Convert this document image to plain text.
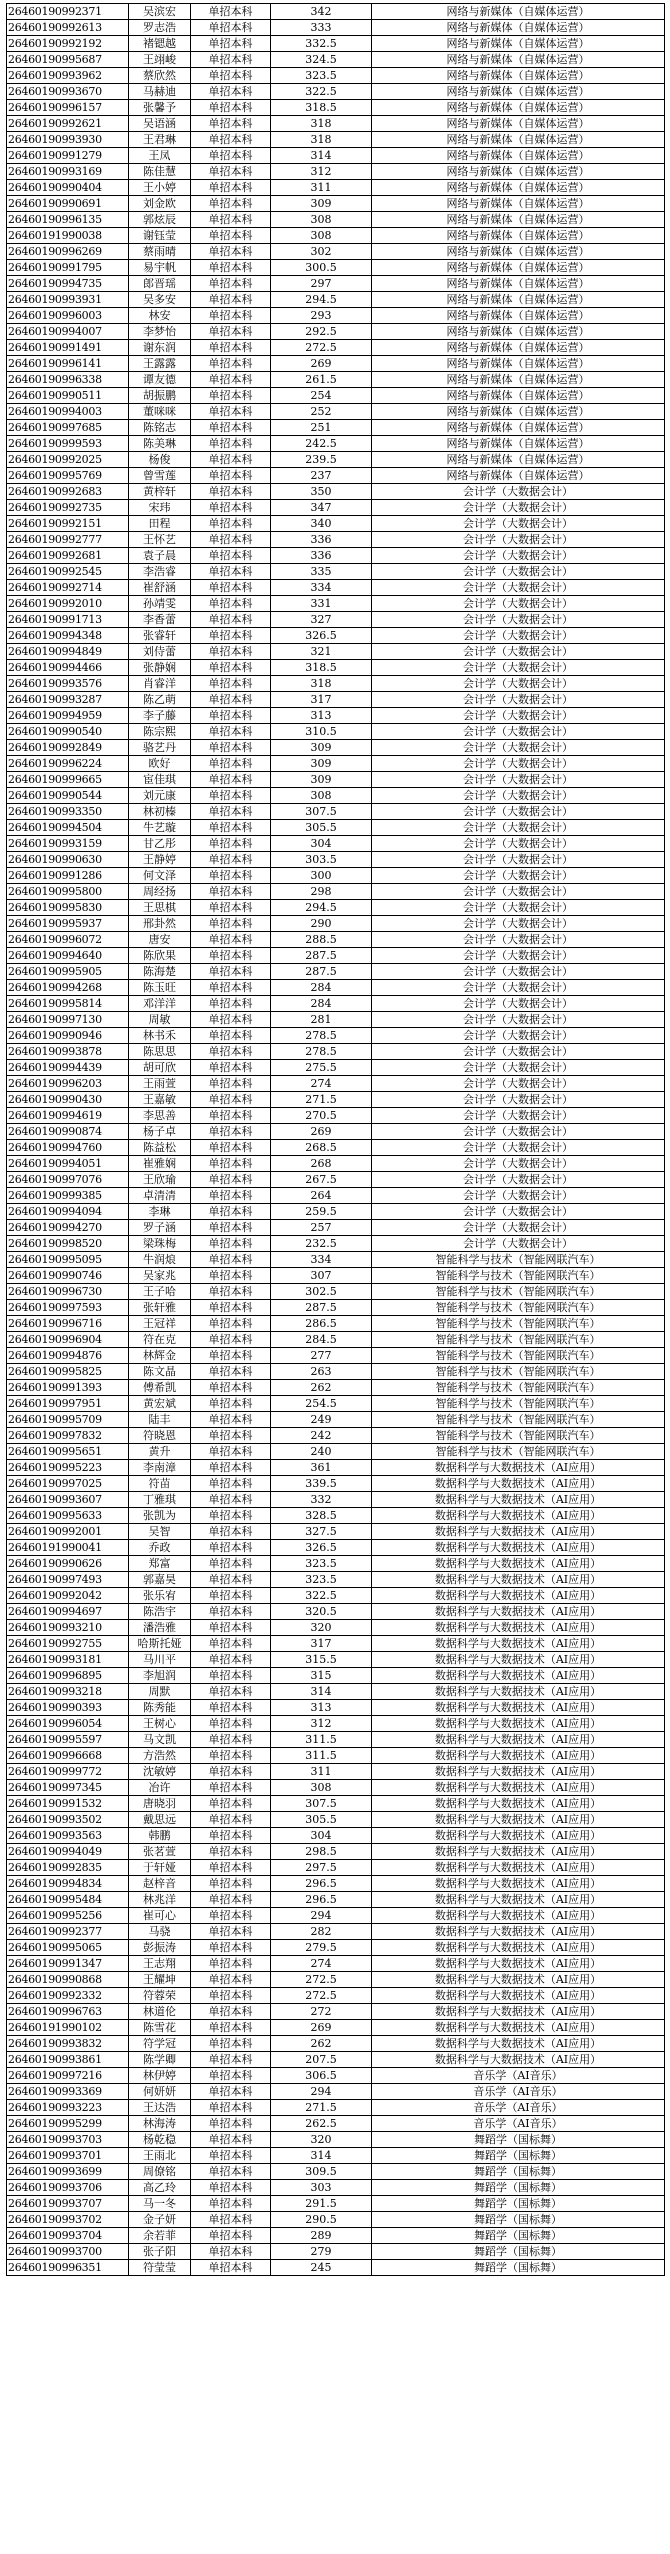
26460190992371	吴滨宏	单招本科	342	网络与新媒体（自媒体运营）
26460190992613	罗志浩	单招本科	333	网络与新媒体（自媒体运营）
26460190992192	褚锶越	单招本科	332.5	网络与新媒体（自媒体运营）
26460190995687	王翊峻	单招本科	324.5	网络与新媒体（自媒体运营）
26460190993962	蔡欣然	单招本科	323.5	网络与新媒体（自媒体运营）
26460190993670	马赫迪	单招本科	322.5	网络与新媒体（自媒体运营）
26460190996157	张馨予	单招本科	318.5	网络与新媒体（自媒体运营）
26460190992621	吴语涵	单招本科	318	网络与新媒体（自媒体运营）
26460190993930	王君琳	单招本科	318	网络与新媒体（自媒体运营）
26460190991279	王凤	单招本科	314	网络与新媒体（自媒体运营）
26460190993169	陈佳慧	单招本科	312	网络与新媒体（自媒体运营）
26460190990404	王小婷	单招本科	311	网络与新媒体（自媒体运营）
26460190990691	刘金欧	单招本科	309	网络与新媒体（自媒体运营）
26460190996135	郭炫辰	单招本科	308	网络与新媒体（自媒体运营）
26460191990038	谢钰莹	单招本科	308	网络与新媒体（自媒体运营）
26460190996269	蔡雨晴	单招本科	302	网络与新媒体（自媒体运营）
26460190991795	易宇帆	单招本科	300.5	网络与新媒体（自媒体运营）
26460190994735	郎晋瑶	单招本科	297	网络与新媒体（自媒体运营）
26460190993931	吴多安	单招本科	294.5	网络与新媒体（自媒体运营）
26460190996003	林安	单招本科	293	网络与新媒体（自媒体运营）
26460190994007	李梦怡	单招本科	292.5	网络与新媒体（自媒体运营）
26460190991491	谢东润	单招本科	272.5	网络与新媒体（自媒体运营）
26460190996141	王露露	单招本科	269	网络与新媒体（自媒体运营）
26460190996338	谭友德	单招本科	261.5	网络与新媒体（自媒体运营）
26460190990511	胡振鹏	单招本科	254	网络与新媒体（自媒体运营）
26460190994003	董咪咪	单招本科	252	网络与新媒体（自媒体运营）
26460190997685	陈铭志	单招本科	251	网络与新媒体（自媒体运营）
26460190999593	陈美琳	单招本科	242.5	网络与新媒体（自媒体运营）
26460190992025	杨俊	单招本科	239.5	网络与新媒体（自媒体运营）
26460190995769	曾雪莲	单招本科	237	网络与新媒体（自媒体运营）
26460190992683	黄梓轩	单招本科	350	会计学（大数据会计）
26460190992735	宋玮	单招本科	347	会计学（大数据会计）
26460190992151	田程	单招本科	340	会计学（大数据会计）
26460190992777	王怀艺	单招本科	336	会计学（大数据会计）
26460190992681	袁子晨	单招本科	336	会计学（大数据会计）
26460190992545	李浩睿	单招本科	335	会计学（大数据会计）
26460190992714	崔舒涵	单招本科	334	会计学（大数据会计）
26460190992010	孙靖雯	单招本科	331	会计学（大数据会计）
26460190991713	李香蕾	单招本科	327	会计学（大数据会计）
26460190994348	张睿轩	单招本科	326.5	会计学（大数据会计）
26460190994849	刘侍蕾	单招本科	321	会计学（大数据会计）
26460190994466	张静娴	单招本科	318.5	会计学（大数据会计）
26460190993576	肖睿洋	单招本科	318	会计学（大数据会计）
26460190993287	陈乙萌	单招本科	317	会计学（大数据会计）
26460190994959	李子藤	单招本科	313	会计学（大数据会计）
26460190990540	陈宗熙	单招本科	310.5	会计学（大数据会计）
26460190992849	骆艺丹	单招本科	309	会计学（大数据会计）
26460190996224	欧好	单招本科	309	会计学（大数据会计）
26460190999665	宦佳琪	单招本科	309	会计学（大数据会计）
26460190990544	刘元康	单招本科	308	会计学（大数据会计）
26460190993350	林初榛	单招本科	307.5	会计学（大数据会计）
26460190994504	牛艺璇	单招本科	305.5	会计学（大数据会计）
26460190993159	甘乙彤	单招本科	304	会计学（大数据会计）
26460190990630	王静婷	单招本科	303.5	会计学（大数据会计）
26460190991286	何文泽	单招本科	300	会计学（大数据会计）
26460190995800	周经扬	单招本科	298	会计学（大数据会计）
26460190995830	王思棋	单招本科	294.5	会计学（大数据会计）
26460190995937	邢卦然	单招本科	290	会计学（大数据会计）
26460190996072	唐安	单招本科	288.5	会计学（大数据会计）
26460190994640	陈欣果	单招本科	287.5	会计学（大数据会计）
26460190995905	陈海楚	单招本科	287.5	会计学（大数据会计）
26460190994268	陈玉旺	单招本科	284	会计学（大数据会计）
26460190995814	邓洋洋	单招本科	284	会计学（大数据会计）
26460190997130	周敏	单招本科	281	会计学（大数据会计）
26460190990946	林书禾	单招本科	278.5	会计学（大数据会计）
26460190993878	陈思思	单招本科	278.5	会计学（大数据会计）
26460190994439	胡可欣	单招本科	275.5	会计学（大数据会计）
26460190996203	王雨萱	单招本科	274	会计学（大数据会计）
26460190990430	王嘉敏	单招本科	271.5	会计学（大数据会计）
26460190994619	李思善	单招本科	270.5	会计学（大数据会计）
26460190990874	杨子卓	单招本科	269	会计学（大数据会计）
26460190994760	陈益松	单招本科	268.5	会计学（大数据会计）
26460190994051	崔雅娴	单招本科	268	会计学（大数据会计）
26460190997076	王欣瑜	单招本科	267.5	会计学（大数据会计）
26460190999385	卓清清	单招本科	264	会计学（大数据会计）
26460190994094	李琳	单招本科	259.5	会计学（大数据会计）
26460190994270	罗子涵	单招本科	257	会计学（大数据会计）
26460190998520	梁珠梅	单招本科	232.5	会计学（大数据会计）
26460190995095	牛润烺	单招本科	334	智能科学与技术（智能网联汽车）
26460190990746	吴家兆	单招本科	307	智能科学与技术（智能网联汽车）
26460190996730	王子哈	单招本科	302.5	智能科学与技术（智能网联汽车）
26460190997593	张轩雅	单招本科	287.5	智能科学与技术（智能网联汽车）
26460190996716	王冠祥	单招本科	286.5	智能科学与技术（智能网联汽车）
26460190996904	符在克	单招本科	284.5	智能科学与技术（智能网联汽车）
26460190994876	林辉金	单招本科	277	智能科学与技术（智能网联汽车）
26460190995825	陈文晶	单招本科	263	智能科学与技术（智能网联汽车）
26460190991393	傅希凯	单招本科	262	智能科学与技术（智能网联汽车）
26460190997951	黄宏斌	单招本科	254.5	智能科学与技术（智能网联汽车）
26460190995709	陆丰	单招本科	249	智能科学与技术（智能网联汽车）
26460190997832	符晓恩	单招本科	242	智能科学与技术（智能网联汽车）
26460190995651	黄升	单招本科	240	智能科学与技术（智能网联汽车）
26460190995223	李南漳	单招本科	361	数据科学与大数据技术（AI应用）
26460190997025	符苗	单招本科	339.5	数据科学与大数据技术（AI应用）
26460190993607	丁雅琪	单招本科	332	数据科学与大数据技术（AI应用）
26460190995633	张凯为	单招本科	328.5	数据科学与大数据技术（AI应用）
26460190992001	吴智	单招本科	327.5	数据科学与大数据技术（AI应用）
26460191990041	乔政	单招本科	326.5	数据科学与大数据技术（AI应用）
26460190990626	郑富	单招本科	323.5	数据科学与大数据技术（AI应用）
26460190997493	郭嘉昊	单招本科	323.5	数据科学与大数据技术（AI应用）
26460190992042	张乐宥	单招本科	322.5	数据科学与大数据技术（AI应用）
26460190994697	陈浩宇	单招本科	320.5	数据科学与大数据技术（AI应用）
26460190993210	潘浩雅	单招本科	320	数据科学与大数据技术（AI应用）
26460190992755	哈斯托娅	单招本科	317	数据科学与大数据技术（AI应用）
26460190993181	马川平	单招本科	315.5	数据科学与大数据技术（AI应用）
26460190996895	李旭润	单招本科	315	数据科学与大数据技术（AI应用）
26460190993218	周默	单招本科	314	数据科学与大数据技术（AI应用）
26460190990393	陈秀能	单招本科	313	数据科学与大数据技术（AI应用）
26460190996054	王树心	单招本科	312	数据科学与大数据技术（AI应用）
26460190995597	马文凯	单招本科	311.5	数据科学与大数据技术（AI应用）
26460190996668	方浩然	单招本科	311.5	数据科学与大数据技术（AI应用）
26460190999772	沈敏婷	单招本科	311	数据科学与大数据技术（AI应用）
26460190997345	冶许	单招本科	308	数据科学与大数据技术（AI应用）
26460190991532	唐晓羽	单招本科	307.5	数据科学与大数据技术（AI应用）
26460190993502	戴思远	单招本科	305.5	数据科学与大数据技术（AI应用）
26460190993563	韩鹏	单招本科	304	数据科学与大数据技术（AI应用）
26460190994049	张茗萱	单招本科	298.5	数据科学与大数据技术（AI应用）
26460190992835	于轩娅	单招本科	297.5	数据科学与大数据技术（AI应用）
26460190994834	赵梓音	单招本科	296.5	数据科学与大数据技术（AI应用）
26460190995484	林兆洋	单招本科	296.5	数据科学与大数据技术（AI应用）
26460190995256	崔可心	单招本科	294	数据科学与大数据技术（AI应用）
26460190992377	马骁	单招本科	282	数据科学与大数据技术（AI应用）
26460190995065	彭振涛	单招本科	279.5	数据科学与大数据技术（AI应用）
26460190991347	王志翔	单招本科	274	数据科学与大数据技术（AI应用）
26460190990868	王耀坤	单招本科	272.5	数据科学与大数据技术（AI应用）
26460190992332	符蓉荣	单招本科	272.5	数据科学与大数据技术（AI应用）
26460190996763	林道伦	单招本科	272	数据科学与大数据技术（AI应用）
26460191990102	陈雪花	单招本科	269	数据科学与大数据技术（AI应用）
26460190993832	符学冠	单招本科	262	数据科学与大数据技术（AI应用）
26460190993861	陈学卿	单招本科	207.5	数据科学与大数据技术（AI应用）
26460190997216	林伊婷	单招本科	306.5	音乐学（AI音乐）
26460190993369	何妍妍	单招本科	294	音乐学（AI音乐）
26460190993223	王达浩	单招本科	271.5	音乐学（AI音乐）
26460190995299	林海涛	单招本科	262.5	音乐学（AI音乐）
26460190993703	杨乾稳	单招本科	320	舞蹈学（国标舞）
26460190993701	王雨北	单招本科	314	舞蹈学（国标舞）
26460190993699	周僚铭	单招本科	309.5	舞蹈学（国标舞）
26460190993706	高乙玲	单招本科	303	舞蹈学（国标舞）
26460190993707	马一冬	单招本科	291.5	舞蹈学（国标舞）
26460190993702	金子妍	单招本科	290.5	舞蹈学（国标舞）
26460190993704	余若菲	单招本科	289	舞蹈学（国标舞）
26460190993700	张子阳	单招本科	279	舞蹈学（国标舞）
26460190996351	符莹莹	单招本科	245	舞蹈学（国标舞）
